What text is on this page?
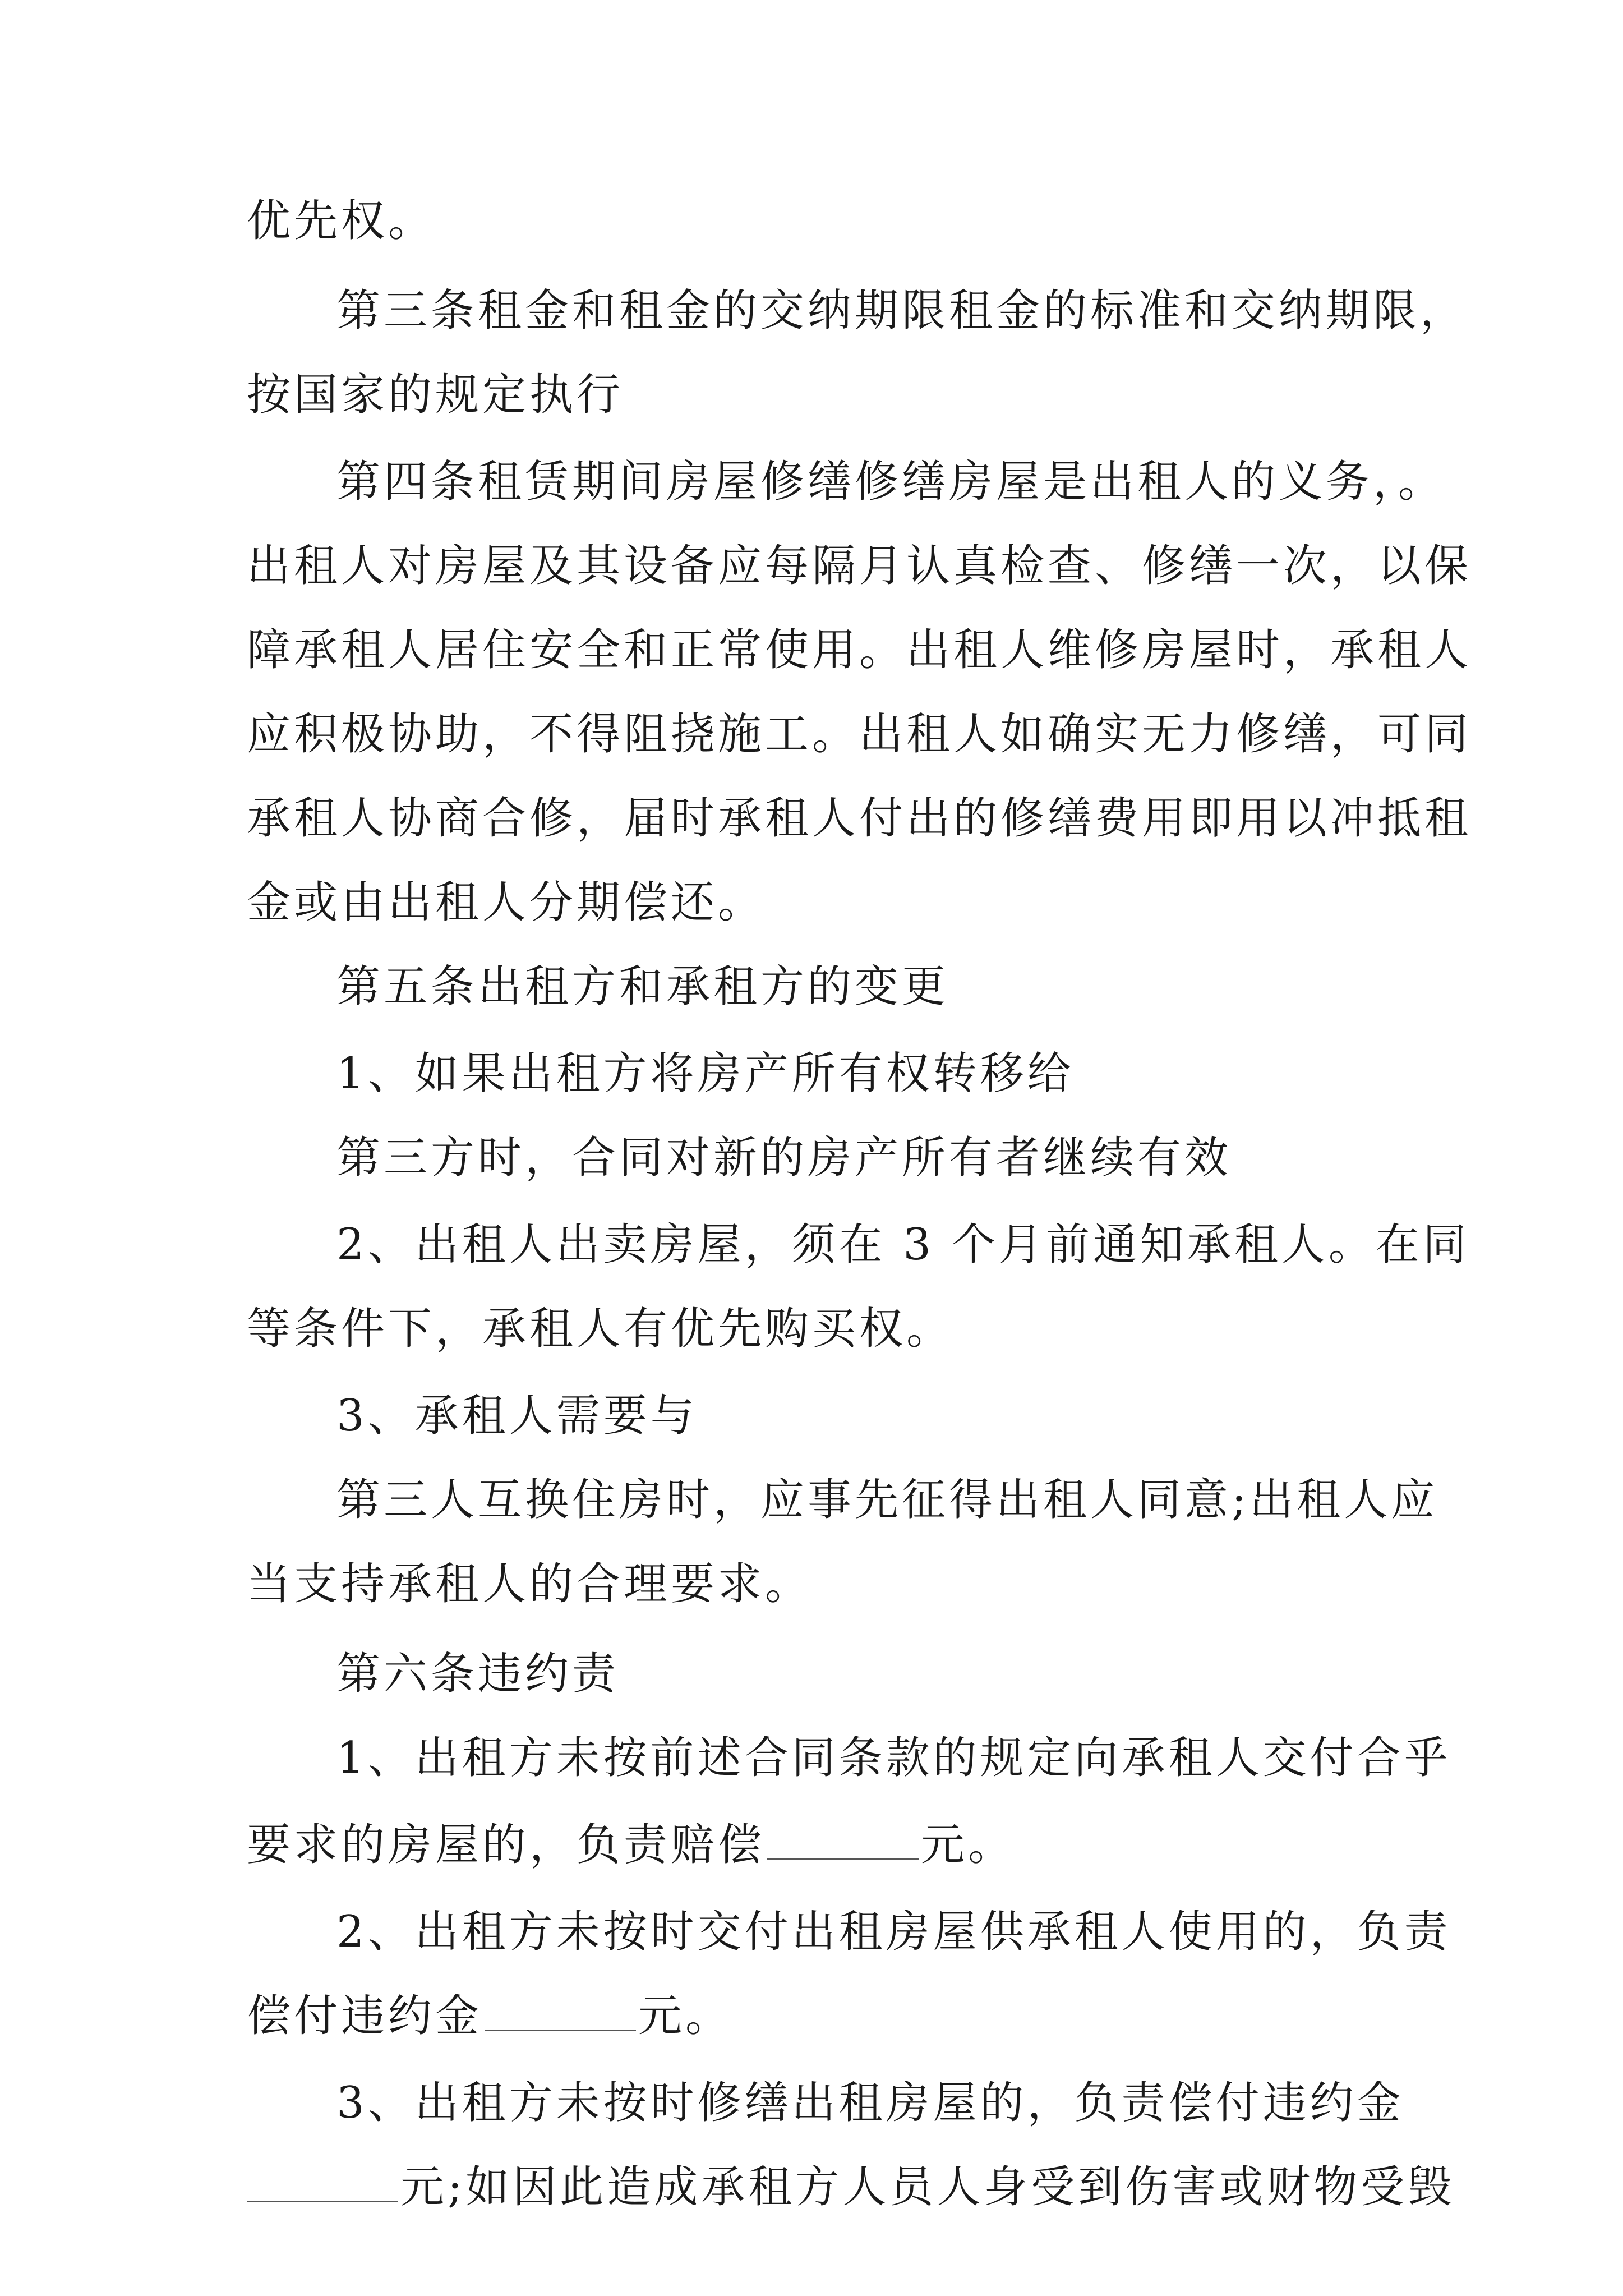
优先权。
第三条租金和租金的交纳期限租金的标准和交纳期限，
按国家的规定执行
第四条租赁期间房屋修缮修缮房屋是出租人的义务，。
出租人对房屋及其设备应每隔月认真检查、修缮一次，以保
障承租人居住安全和正常使用。出租人维修房屋时，承租人
应积极协助，不得阻挠施工。出租人如确实无力修缮，可同
承租人协商合修，届时承租人付出的修缮费用即用以冲抵租
金或由出租人分期偿还。
第五条出租方和承租方的变更
1、如果出租方将房产所有权转移给
第三方时，合同对新的房产所有者继续有效
2、出租人出卖房屋，须在 3 个月前通知承租人。在同
等条件下，承租人有优先购买权。
3、承租人需要与
第三人互换住房时，应事先征得出租人同意;出租人应
当支持承租人的合理要求。
第六条违约责
1、出租方未按前述合同条款的规定向承租人交付合乎
要求的房屋的，负责赔偿	元。
2、出租方未按时交付出租房屋供承租人使用的，负责
偿付违约金	元。
3、出租方未按时修缮出租房屋的，负责偿付违约金
元;如因此造成承租方人员人身受到伤害或财物受毁
